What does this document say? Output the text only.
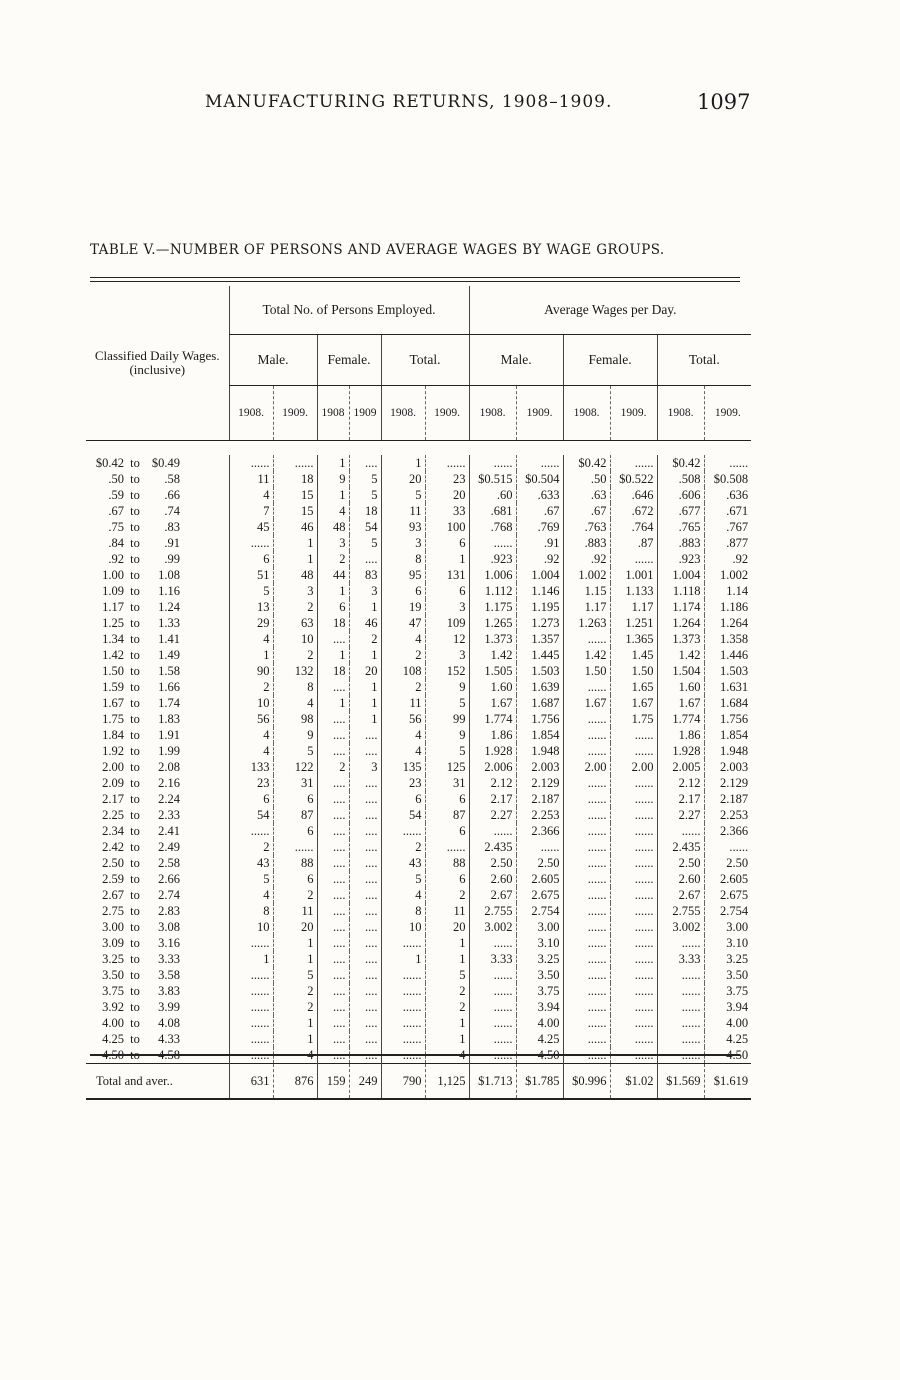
MANUFACTURING RETURNS, 1908–1909.	1097
TABLE V.—NUMBER OF PERSONS AND AVERAGE WAGES BY WAGE GROUPS.
Classified Daily Wages. (inclusive)	Total No. of Persons Employed.						Average Wages per Day.					
	Male.		Female.		Total.		Male.		Female.		Total.	
	1908.	1909.	1908	1909	1908.	1909.	1908.	1909.	1908.	1909.	1908.	1909.

$0.42 to $0.49	......	......	1	....	1	......	......	......	$0.42	......	$0.42	......
.50 to .58	11	18	9	5	20	23	$0.515	$0.504	.50	$0.522	.508	$0.508
.59 to .66	4	15	1	5	5	20	.60	.633	.63	.646	.606	.636
.67 to .74	7	15	4	18	11	33	.681	.67	.67	.672	.677	.671
.75 to .83	45	46	48	54	93	100	.768	.769	.763	.764	.765	.767
.84 to .91	......	1	3	5	3	6	......	.91	.883	.87	.883	.877
.92 to .99	6	1	2	....	8	1	.923	.92	.92	......	.923	.92
1.00 to 1.08	51	48	44	83	95	131	1.006	1.004	1.002	1.001	1.004	1.002
1.09 to 1.16	5	3	1	3	6	6	1.112	1.146	1.15	1.133	1.118	1.14
1.17 to 1.24	13	2	6	1	19	3	1.175	1.195	1.17	1.17	1.174	1.186
1.25 to 1.33	29	63	18	46	47	109	1.265	1.273	1.263	1.251	1.264	1.264
1.34 to 1.41	4	10	....	2	4	12	1.373	1.357	......	1.365	1.373	1.358
1.42 to 1.49	1	2	1	1	2	3	1.42	1.445	1.42	1.45	1.42	1.446
1.50 to 1.58	90	132	18	20	108	152	1.505	1.503	1.50	1.50	1.504	1.503
1.59 to 1.66	2	8	....	1	2	9	1.60	1.639	......	1.65	1.60	1.631
1.67 to 1.74	10	4	1	1	11	5	1.67	1.687	1.67	1.67	1.67	1.684
1.75 to 1.83	56	98	....	1	56	99	1.774	1.756	......	1.75	1.774	1.756
1.84 to 1.91	4	9	....	....	4	9	1.86	1.854	......	......	1.86	1.854
1.92 to 1.99	4	5	....	....	4	5	1.928	1.948	......	......	1.928	1.948
2.00 to 2.08	133	122	2	3	135	125	2.006	2.003	2.00	2.00	2.005	2.003
2.09 to 2.16	23	31	....	....	23	31	2.12	2.129	......	......	2.12	2.129
2.17 to 2.24	6	6	....	....	6	6	2.17	2.187	......	......	2.17	2.187
2.25 to 2.33	54	87	....	....	54	87	2.27	2.253	......	......	2.27	2.253
2.34 to 2.41	......	6	....	....	......	6	......	2.366	......	......	......	2.366
2.42 to 2.49	2	......	....	....	2	......	2.435	......	......	......	2.435	......
2.50 to 2.58	43	88	....	....	43	88	2.50	2.50	......	......	2.50	2.50
2.59 to 2.66	5	6	....	....	5	6	2.60	2.605	......	......	2.60	2.605
2.67 to 2.74	4	2	....	....	4	2	2.67	2.675	......	......	2.67	2.675
2.75 to 2.83	8	11	....	....	8	11	2.755	2.754	......	......	2.755	2.754
3.00 to 3.08	10	20	....	....	10	20	3.002	3.00	......	......	3.002	3.00
3.09 to 3.16	......	1	....	....	......	1	......	3.10	......	......	......	3.10
3.25 to 3.33	1	1	....	....	1	1	3.33	3.25	......	......	3.33	3.25
3.50 to 3.58	......	5	....	....	......	5	......	3.50	......	......	......	3.50
3.75 to 3.83	......	2	....	....	......	2	......	3.75	......	......	......	3.75
3.92 to 3.99	......	2	....	....	......	2	......	3.94	......	......	......	3.94
4.00 to 4.08	......	1	....	....	......	1	......	4.00	......	......	......	4.00
4.25 to 4.33	......	1	....	....	......	1	......	4.25	......	......	......	4.25
4.50 to 4.58	......	4	....	....	......	4	......	4.50	......	......	......	4.50
Total and aver..	631	876	159	249	790	1,125	$1.713	$1.785	$0.996	$1.02	$1.569	$1.619
